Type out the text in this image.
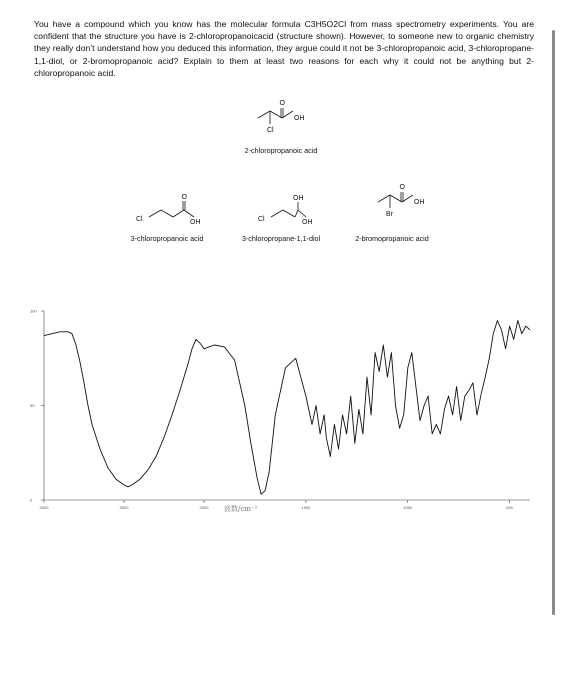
You have a compound which you know has the molecular formula C3H5O2Cl from mass spectrometry experiments. You are confident that the structure you have is 2-chloropropanoicacid (structure shown). However, to someone new to organic chemistry they really don’t understand how you deduced this information, they argue could it not be 3-chloropropanoic acid, 3-chloropropane-1,1-diol, or 2-bromopropanoic acid? Explain to them at least two reasons for each why it could not be anything but 2-chloropropanoic acid.
O
OH
Cl
2-chloropropanoic acid
O
OH
Cl
3-chloropropanoic acid
OH
OH
Cl
3-chloropropane-1,1-diol
O
OH
Br
2-bromopropanoic acid
0
50
100
4000	3000	2000	1500	1000	500
波数/cm⁻¹
